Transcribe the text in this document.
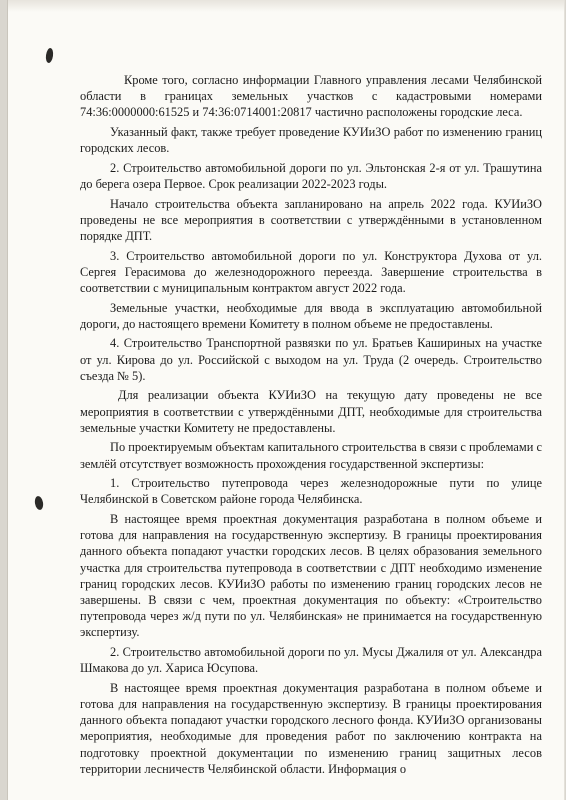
Кроме того, согласно информации Главного управления лесами Челябинской области в границах земельных участков с кадастровыми номерами 74:36:0000000:61525 и 74:36:0714001:20817 частично расположены городские леса.

Указанный факт, также требует проведение КУИиЗО работ по изменению границ городских лесов.

2. Строительство автомобильной дороги по ул. Эльтонская 2-я от ул. Трашутина до берега озера Первое. Срок реализации 2022-2023 годы.

Начало строительства объекта запланировано на апрель 2022 года. КУИиЗО проведены не все мероприятия в соответствии с утверждёнными в установленном порядке ДПТ.

3. Строительство автомобильной дороги по ул. Конструктора Духова от ул. Сергея Герасимова до железнодорожного переезда. Завершение строительства в соответствии с муниципальным контрактом август 2022 года.

Земельные участки, необходимые для ввода в эксплуатацию автомобильной дороги, до настоящего времени Комитету в полном объеме не предоставлены.

4. Строительство Транспортной развязки по ул. Братьев Кашириных на участке от ул. Кирова до ул. Российской с выходом на ул. Труда (2 очередь. Строительство съезда № 5).

Для реализации объекта КУИиЗО на текущую дату проведены не все мероприятия в соответствии с утверждёнными ДПТ, необходимые для строительства земельные участки Комитету не предоставлены.

По проектируемым объектам капитального строительства в связи с проблемами с землёй отсутствует возможность прохождения государственной экспертизы:

1. Строительство путепровода через железнодорожные пути по улице Челябинской в Советском районе города Челябинска.

В настоящее время проектная документация разработана в полном объеме и готова для направления на государственную экспертизу. В границы проектирования данного объекта попадают участки городских лесов. В целях образования земельного участка для строительства путепровода в соответствии с ДПТ необходимо изменение границ городских лесов. КУИиЗО работы по изменению границ городских лесов не завершены. В связи с чем, проектная документация по объекту: «Строительство путепровода через ж/д пути по ул. Челябинская» не принимается на государственную экспертизу.

2. Строительство автомобильной дороги по ул. Мусы Джалиля от ул. Александра Шмакова до ул. Хариса Юсупова.

В настоящее время проектная документация разработана в полном объеме и готова для направления на государственную экспертизу. В границы проектирования данного объекта попадают участки городского лесного фонда. КУИиЗО организованы мероприятия, необходимые для проведения работ по заключению контракта на подготовку проектной документации по изменению границ защитных лесов территории лесничеств Челябинской области. Информация о
